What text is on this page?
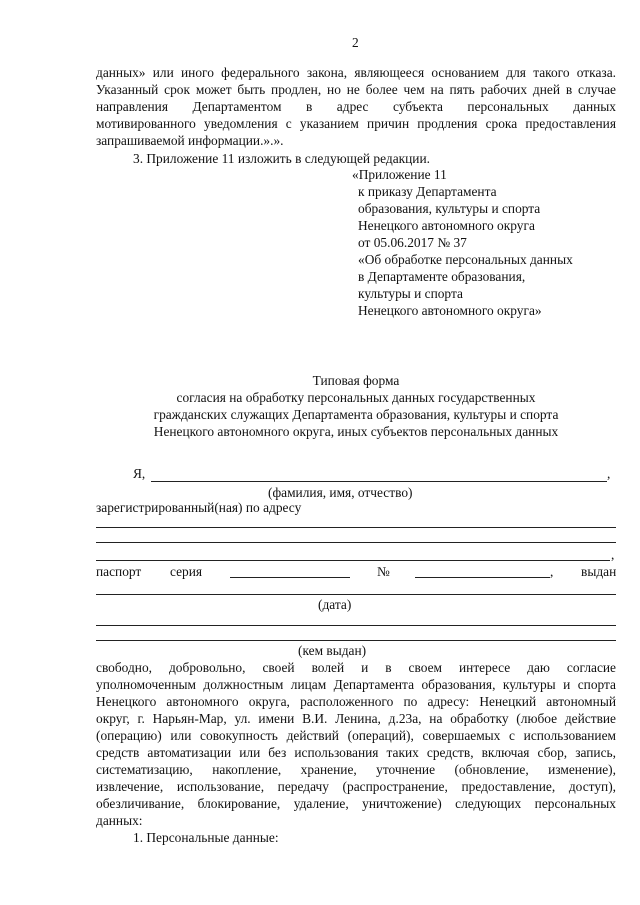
2
данных» или иного федерального закона, являющееся основанием для такого отказа.
Указанный срок может быть продлен, но не более чем на пять рабочих дней в случае
направления Департаментом в адрес субъекта персональных данных
мотивированного уведомления с указанием причин продления срока предоставления
запрашиваемой информации.».».
3. Приложение 11 изложить в следующей редакции.
«Приложение 11
к приказу Департамента
образования, культуры и спорта
Ненецкого автономного округа
от 05.06.2017 № 37
«Об обработке персональных данных
в Департаменте образования,
культуры и спорта
Ненецкого автономного округа»
Типовая форма
согласия на обработку персональных данных государственных
гражданских служащих Департамента образования, культуры и спорта
Ненецкого автономного округа, иных субъектов персональных данных
Я,	,
(фамилия, имя, отчество)
зарегистрированный(ная) по адресу
,
паспорт серия	№	, выдан
(дата)
(кем выдан)
свободно, добровольно, своей волей и в своем интересе даю согласие
уполномоченным должностным лицам Департамента образования, культуры и спорта
Ненецкого автономного округа, расположенного по адресу: Ненецкий автономный
округ, г. Нарьян-Мар, ул. имени В.И. Ленина, д.23а, на обработку (любое действие
(операцию) или совокупность действий (операций), совершаемых с использованием
средств автоматизации или без использования таких средств, включая сбор, запись,
систематизацию, накопление, хранение, уточнение (обновление, изменение),
извлечение, использование, передачу (распространение, предоставление, доступ),
обезличивание, блокирование, удаление, уничтожение) следующих персональных
данных:
1. Персональные данные:
